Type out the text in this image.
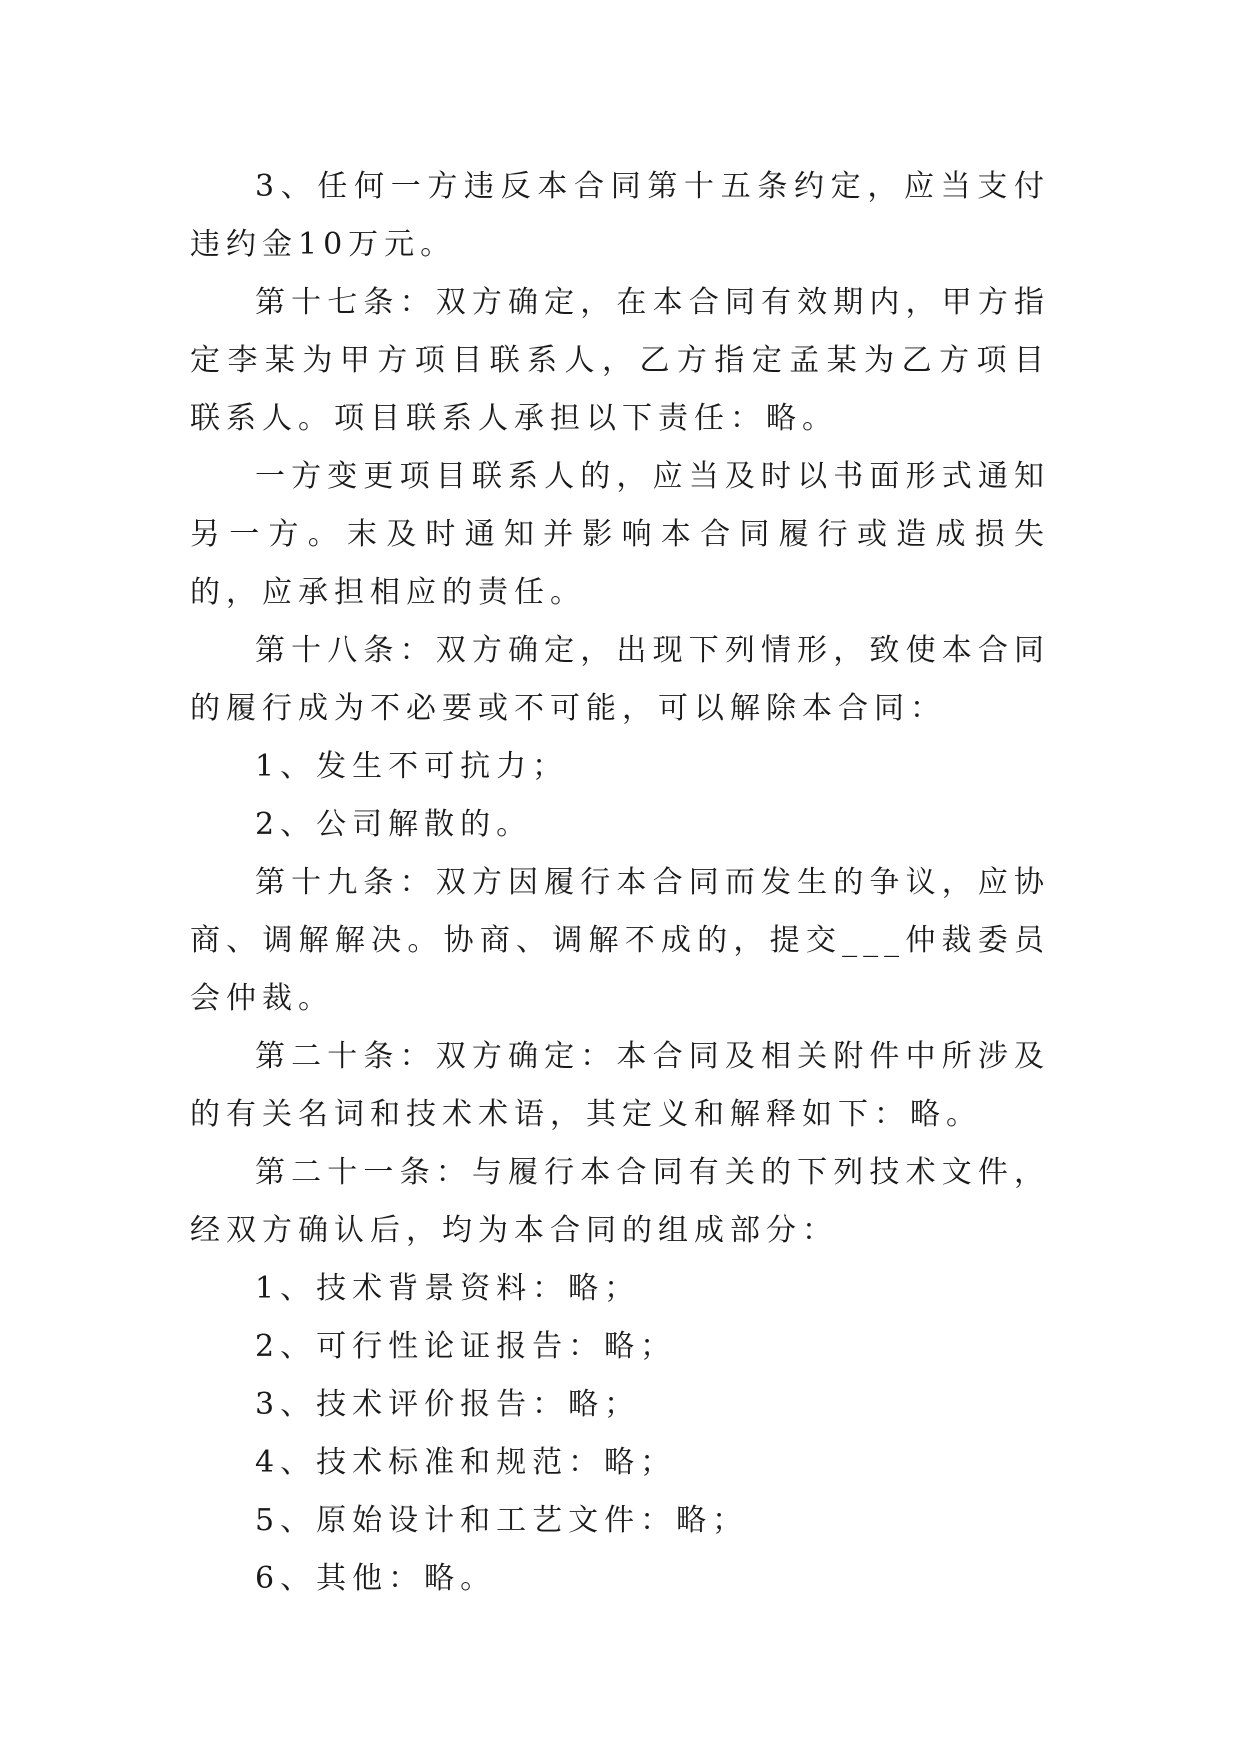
3、任何一方违反本合同第十五条约定，应当支付违约金10万元。

第十七条：双方确定，在本合同有效期内，甲方指定李某为甲方项目联系人，乙方指定孟某为乙方项目联系人。项目联系人承担以下责任：略。

一方变更项目联系人的，应当及时以书面形式通知另一方。末及时通知并影响本合同履行或造成损失的，应承担相应的责任。

第十八条：双方确定，出现下列情形，致使本合同的履行成为不必要或不可能，可以解除本合同：

1、发生不可抗力；

2、公司解散的。

第十九条：双方因履行本合同而发生的争议，应协商、调解解决。协商、调解不成的，提交___仲裁委员会仲裁。

第二十条：双方确定：本合同及相关附件中所涉及的有关名词和技术术语，其定义和解释如下：略。

第二十一条：与履行本合同有关的下列技术文件，经双方确认后，均为本合同的组成部分：

1、技术背景资料：略；

2、可行性论证报告：略；

3、技术评价报告：略；

4、技术标准和规范：略；

5、原始设计和工艺文件：略；

6、其他：略。
